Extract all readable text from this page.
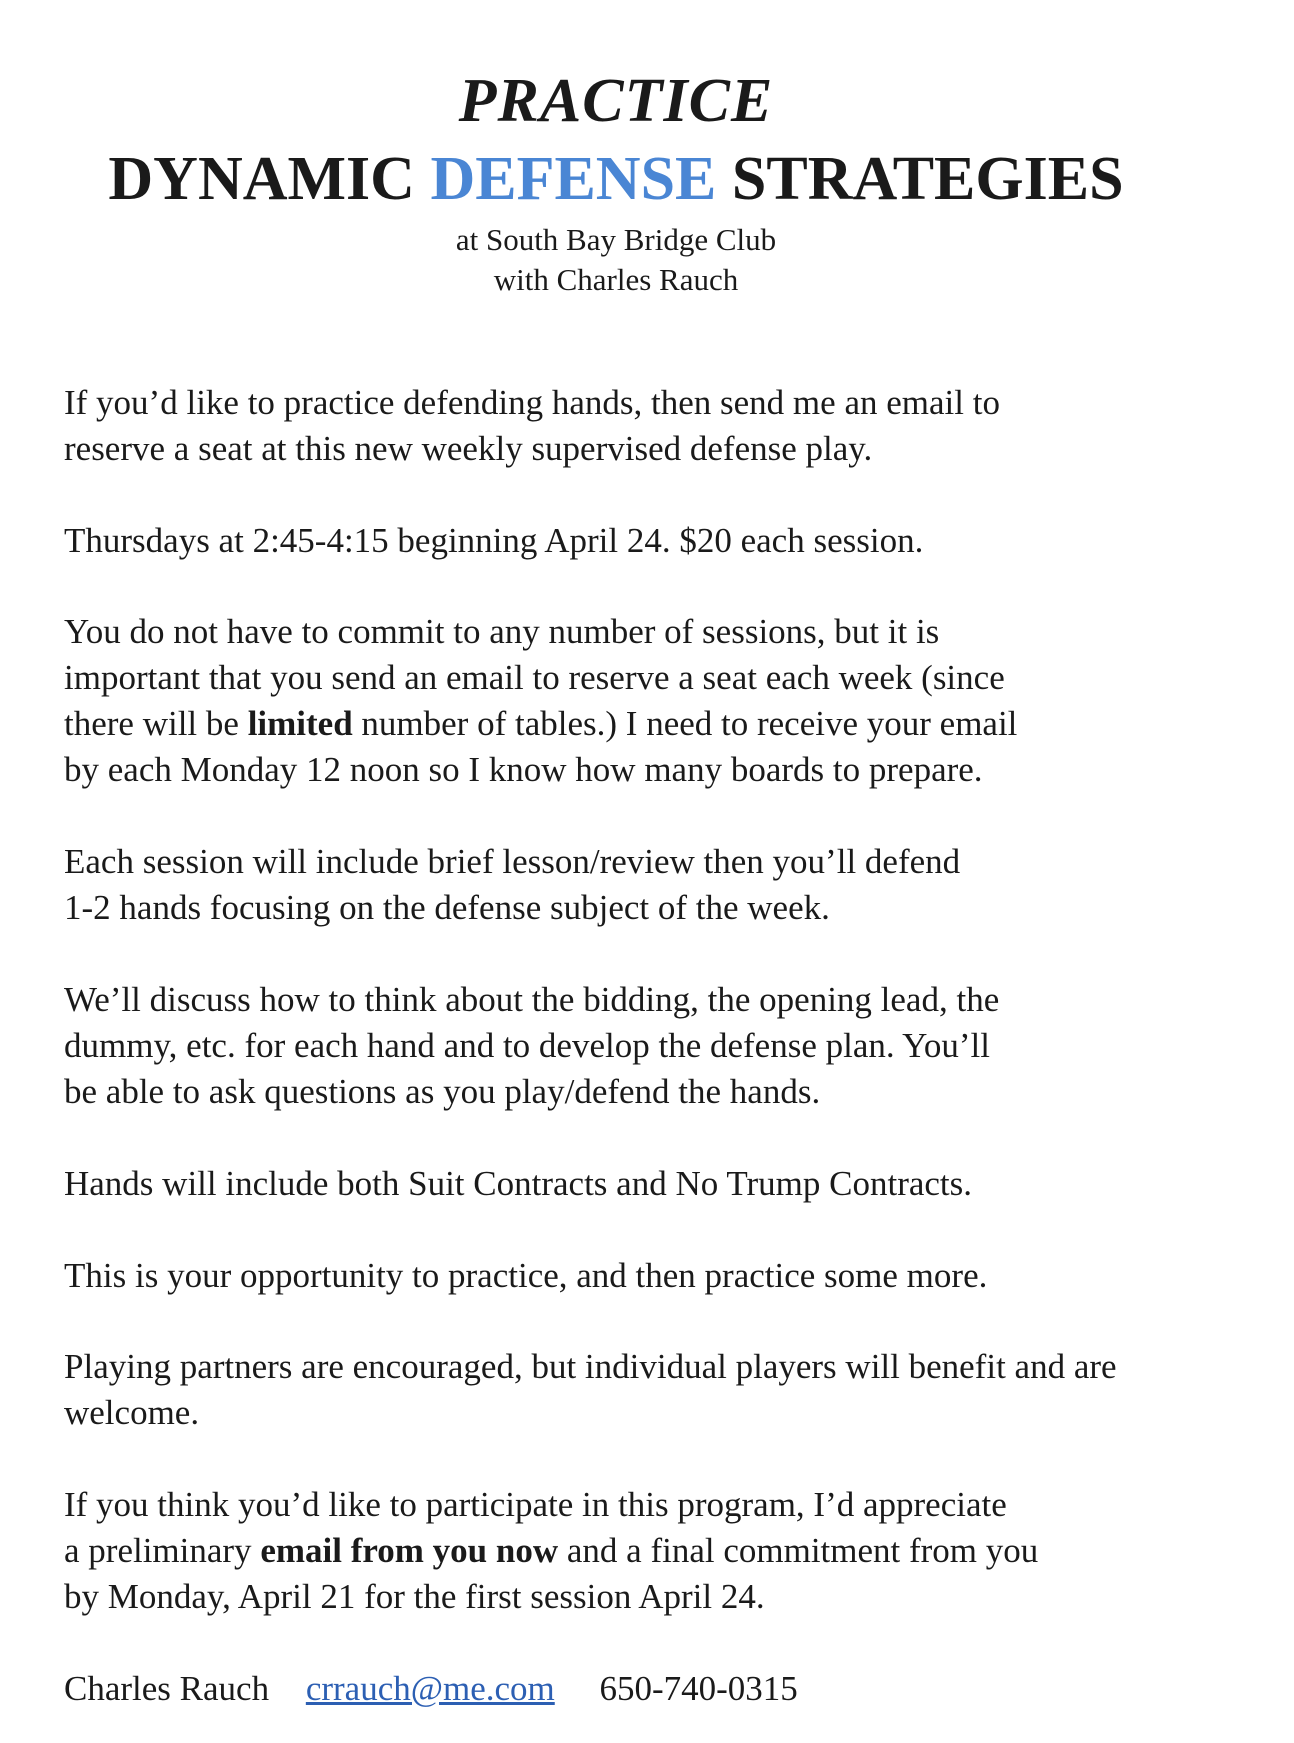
PRACTICE
DYNAMIC DEFENSE STRATEGIES
at South Bay Bridge Club
with Charles Rauch

If you’d like to practice defending hands, then send me an email to
reserve a seat at this new weekly supervised defense play.

Thursdays at 2:45-4:15 beginning April 24. $20 each session.

You do not have to commit to any number of sessions, but it is
important that you send an email to reserve a seat each week (since
there will be limited number of tables.) I need to receive your email
by each Monday 12 noon so I know how many boards to prepare.

Each session will include brief lesson/review then you’ll defend
1-2 hands focusing on the defense subject of the week.

We’ll discuss how to think about the bidding, the opening lead, the
dummy, etc. for each hand and to develop the defense plan. You’ll
be able to ask questions as you play/defend the hands.

Hands will include both Suit Contracts and No Trump Contracts.

This is your opportunity to practice, and then practice some more.

Playing partners are encouraged, but individual players will benefit and are
welcome.

If you think you’d like to participate in this program, I’d appreciate
a preliminary email from you now and a final commitment from you
by Monday, April 21 for the first session April 24.

Charles Rauch crrauch@me.com 650-740-0315
